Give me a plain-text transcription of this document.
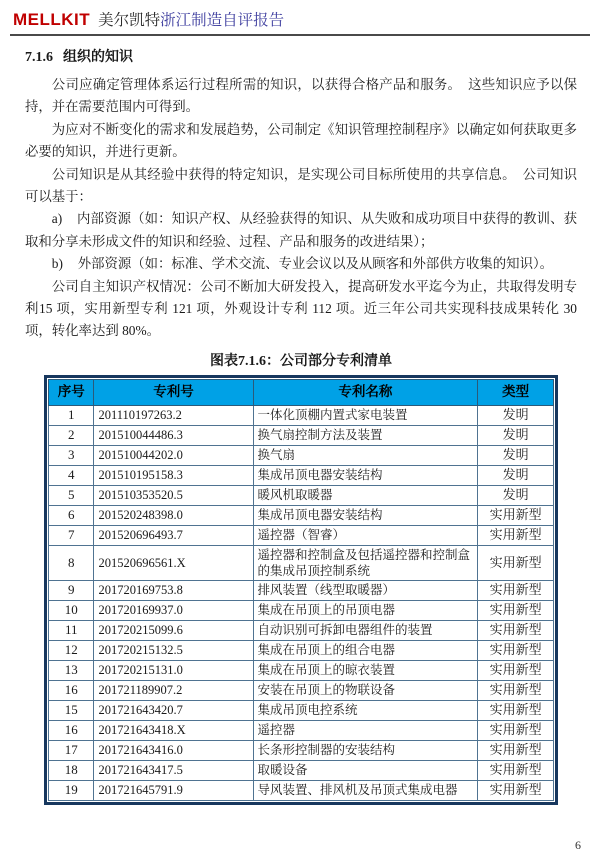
MELLKIT 美尔凯特浙江制造自评报告
7.1.6 组织的知识

公司应确定管理体系运行过程所需的知识，以获得合格产品和服务。　这些知识应予以保持，并在需要范围内可得到。

为应对不断变化的需求和发展趋势，公司制定《知识管理控制程序》以确定如何获取更多必要的知识，并进行更新。

公司知识是从其经验中获得的特定知识，是实现公司目标所使用的共享信息。　公司知识可以基于：

a) 内部资源（如：知识产权、从经验获得的知识、从失败和成功项目中获得的教训、获取和分享未形成文件的知识和经验、过程、产品和服务的改进结果）；

b) 外部资源（如：标准、学术交流、专业会议以及从顾客和外部供方收集的知识）。

公司自主知识产权情况：公司不断加大研发投入，提高研发水平迄今为止，共取得发明专利15 项，实用新型专利 121 项，外观设计专利 112 项。近三年公司共实现科技成果转化 30 项，转化率达到 80%。

图表7.1.6：公司部分专利清单
序号	专利号	专利名称	类型
1	201110197263.2	一体化顶棚内置式家电装置	发明
2	201510044486.3	换气扇控制方法及装置	发明
3	201510044202.0	换气扇	发明
4	201510195158.3	集成吊顶电器安装结构	发明
5	201510353520.5	暖风机取暖器	发明
6	201520248398.0	集成吊顶电器安装结构	实用新型
7	201520696493.7	遥控器（智睿）	实用新型
8	201520696561.X	遥控器和控制盒及包括遥控器和控制盒的集成吊顶控制系统	实用新型
9	201720169753.8	排风装置（线型取暖器）	实用新型
10	201720169937.0	集成在吊顶上的吊顶电器	实用新型
11	201720215099.6	自动识别可拆卸电器组件的装置	实用新型
12	201720215132.5	集成在吊顶上的组合电器	实用新型
13	201720215131.0	集成在吊顶上的晾衣装置	实用新型
16	201721189907.2	安装在吊顶上的物联设备	实用新型
15	201721643420.7	集成吊顶电控系统	实用新型
16	201721643418.X	遥控器	实用新型
17	201721643416.0	长条形控制器的安装结构	实用新型
18	201721643417.5	取暖设备	实用新型
19	201721645791.9	导风装置、排风机及吊顶式集成电器	实用新型
6
